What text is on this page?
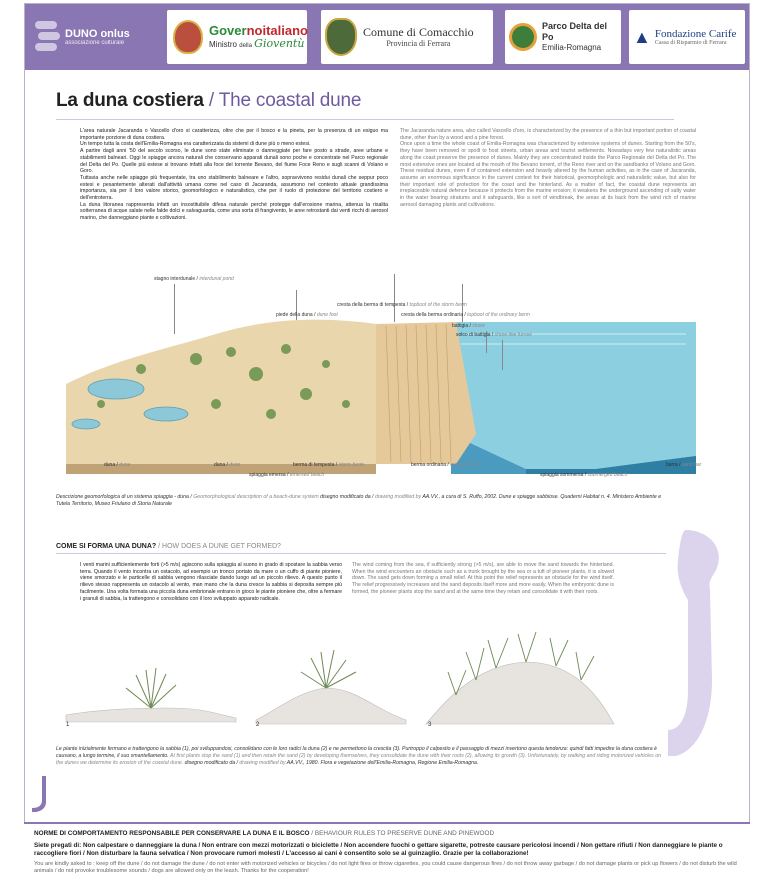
DUNO onlus
associazione culturale
Governoitaliano
Ministro della Gioventù
Comune di Comacchio
Provincia di Ferrara
Parco Delta del Po
Emilia-Romagna
▲ Fondazione Carife
Cassa di Risparmio di Ferrara
La duna costiera / The coastal dune

L'area naturale Jacaranda o Vascello d'oro si caratterizza, oltre che per il bosco e la pineta, per la presenza di un esiguo ma importante porzione di duna costiera.

Un tempo tutta la costa dell'Emilia-Romagna era caratterizzata da sistemi di dune più o meno estesi.

A partire dagli anni '50 del secolo scorso, le dune sono state eliminate o danneggiate per fare posto a strade, aree urbane e stabilimenti balneari. Oggi le spiagge ancora naturali che conservano apparati dunali sono poche e concentrate nel Parco regionale del Delta del Po. Quelle più estese si trovano infatti alla foce del torrente Bevano, del fiume Foce Reno e sugli scanni di Volano e Goro.

Tuttavia anche nelle spiagge più frequentate, tra uno stabilimento balneare e l'altro, sopravvivono residui dunali che seppur poco estesi e pesantemente alterati dall'attività umana come nel caso di Jacaranda, assumono nel contesto attuale grandissima importanza, sia per il loro valore storico, geomorfologico e naturalistico, che per il ruolo di protezione del territorio costiero e dell'entroterra.

La duna litoranea rappresenta infatti un insostituibile difesa naturale perché protegge dall'erosione marina, attenua la risalita sotterranea di acque salate nelle falde dolci e salvaguarda, come una sorta di frangivento, le aree retrostanti dai venti ricchi di aerosol marino, che danneggiano piante e coltivazioni.

The Jacaranda nature area, also called Vascello d'oro, is characterized by the presence of a thin but important portion of coastal dune, other than by a wood and a pine forest.

Once upon a time the whole coast of Emilia-Romagna was characterized by extensive systems of dunes. Starting from the 50's, they have been removed or spoilt to host streets, urban areas and tourist settlements. Nowadays very few naturalistic areas along the coast preserve the presence of dunes. Mainly they are concentrated inside the Parco Regionale del Delta del Po. The most extensive ones are located at the mouth of the Bevano torrent, of the Reno river and on the sandbanks of Volano and Goro.

These residual dunes, even if of contained extension and heavily altered by the human activities, as in the case of Jacaranda, assume an enormous significance in the current context for their historical, geomorphologic and naturalistic value, but also for their important role of protection for the coast and the hinterland. As a matter of fact, the coastal dune represents an irreplaceable natural defence because it protects from the marine erosion; it weakens the underground ascending of salty water in the water bearing stratums and it safeguards, like a sort of windbreak, the areas at its back from the wind rich of marine aerosol damaging plants and cultivations.

stagno interdunale / interdunal pond
piede della duna / dune foot
cresta della berma di tempesta / topboot of the storm berm
cresta della berma ordinaria / topboot of the ordinary berm
battigia / shore
solco di battigia / shore line furrow
duna / dune	duna / dune
spiaggia emersa / emersed beach
berma di tempesta / storm berm	berma ordinaria / ordinary berm
spiaggia sommersa / submerged beach
barra / sand bar
Descrizione geomorfologica di un sistema spiaggia - duna / Geomorphological description of a beach-dune system disegno modificato da / drawing modified by AA.VV., a cura di S. Ruffo, 2002. Dune e spiagge sabbiose. Quaderni Habitat n. 4. Ministero Ambiente e Tutela Territorio, Museo Friulano di Storia Naturale
COME SI FORMA UNA DUNA? / HOW DOES A DUNE GET FORMED?

I venti marini sufficientemente forti (>5 m/s) agiscono sulla spiaggia al suono in grado di spostare la sabbia verso terra. Quando il vento incontra un ostacolo, ad esempio un tronco portato da mare o un cuffo di piante pioniere, viene smorzato e le particelle di sabbia vengono rilasciate dando luogo ad un piccolo rilievo. A questo punto il rilievo stesso rappresenta un ostacolo al vento, man mano che la duna cresce la sabbia si deposita sempre più facilmente. Una volta formata una piccola duna embrionale entrano in gioco le piante pioniere che, oltre a fermare i granuli di sabbia, la trattengono e consolidano con il loro sviluppato apparato radicale.

The wind coming from the sea, if sufficiently strong (>5 m/s), are able to move the sand towards the hinterland. When the wind encounters an obstacle such as a trunk brought by the sea or a tuft of pioneer plants, it is slowed down. The sand gets down forming a small relief. At this point the relief represents an obstacle for the wind itself. The relief progressively increases and the sand deposits itself more and more easily. When the embryonic dune is formed, the pioneer plants stop the sand and at the same time they retain and consolidate it with their roots.

1	2	3
Le piante inizialmente fermano e trattengono la sabbia (1), poi sviluppandosi, consolidano con le loro radici la duna (2) e ne permettono la crescita (3). Purtroppo il calpestio e il passaggio di mezzi invertono questa tendenza: quindi fatti impedire la duna costiera è causano, a lungo termine, il suo smantellamento. At first plants stop the sand (1) and then retain the sand (2) by developing themselves, they consolidate the dune with their roots (2), allowing its growth (3). Unfortunately, by walking and riding motorized vehicles on the dunes we determine its erosion of the coastal dune. disegno modificato da / drawing modified by AA.VV., 1980. Flora e vegetazione dell'Emilia-Romagna, Regione Emilia-Romagna.
NORME DI COMPORTAMENTO RESPONSABILE PER CONSERVARE LA DUNA E IL BOSCO / BEHAVIOUR RULES TO PRESERVE DUNE AND PINEWOOD
Siete pregati di: Non calpestare o danneggiare la duna / Non entrare con mezzi motorizzati o biciclette / Non accendere fuochi o gettare sigarette, potreste causare pericolosi incendi / Non gettare rifiuti / Non danneggiare le piante o raccogliere fiori / Non disturbare la fauna selvatica / Non provocare rumori molesti / L'accesso ai cani è consentito solo se al guinzaglio. Grazie per la collaborazione!
You are kindly asked to : keep off the dune / do not damage the dune / do not enter with motorized vehicles or bicycles / do not light fires or throw cigarettes, you could cause dangerous fires / do not throw away garbage / do not damage plants or pick up flowers / do not disturb the wild animals / do not provoke troublesome sounds / dogs are allowed only on the leash. Thanks for the cooperation!
